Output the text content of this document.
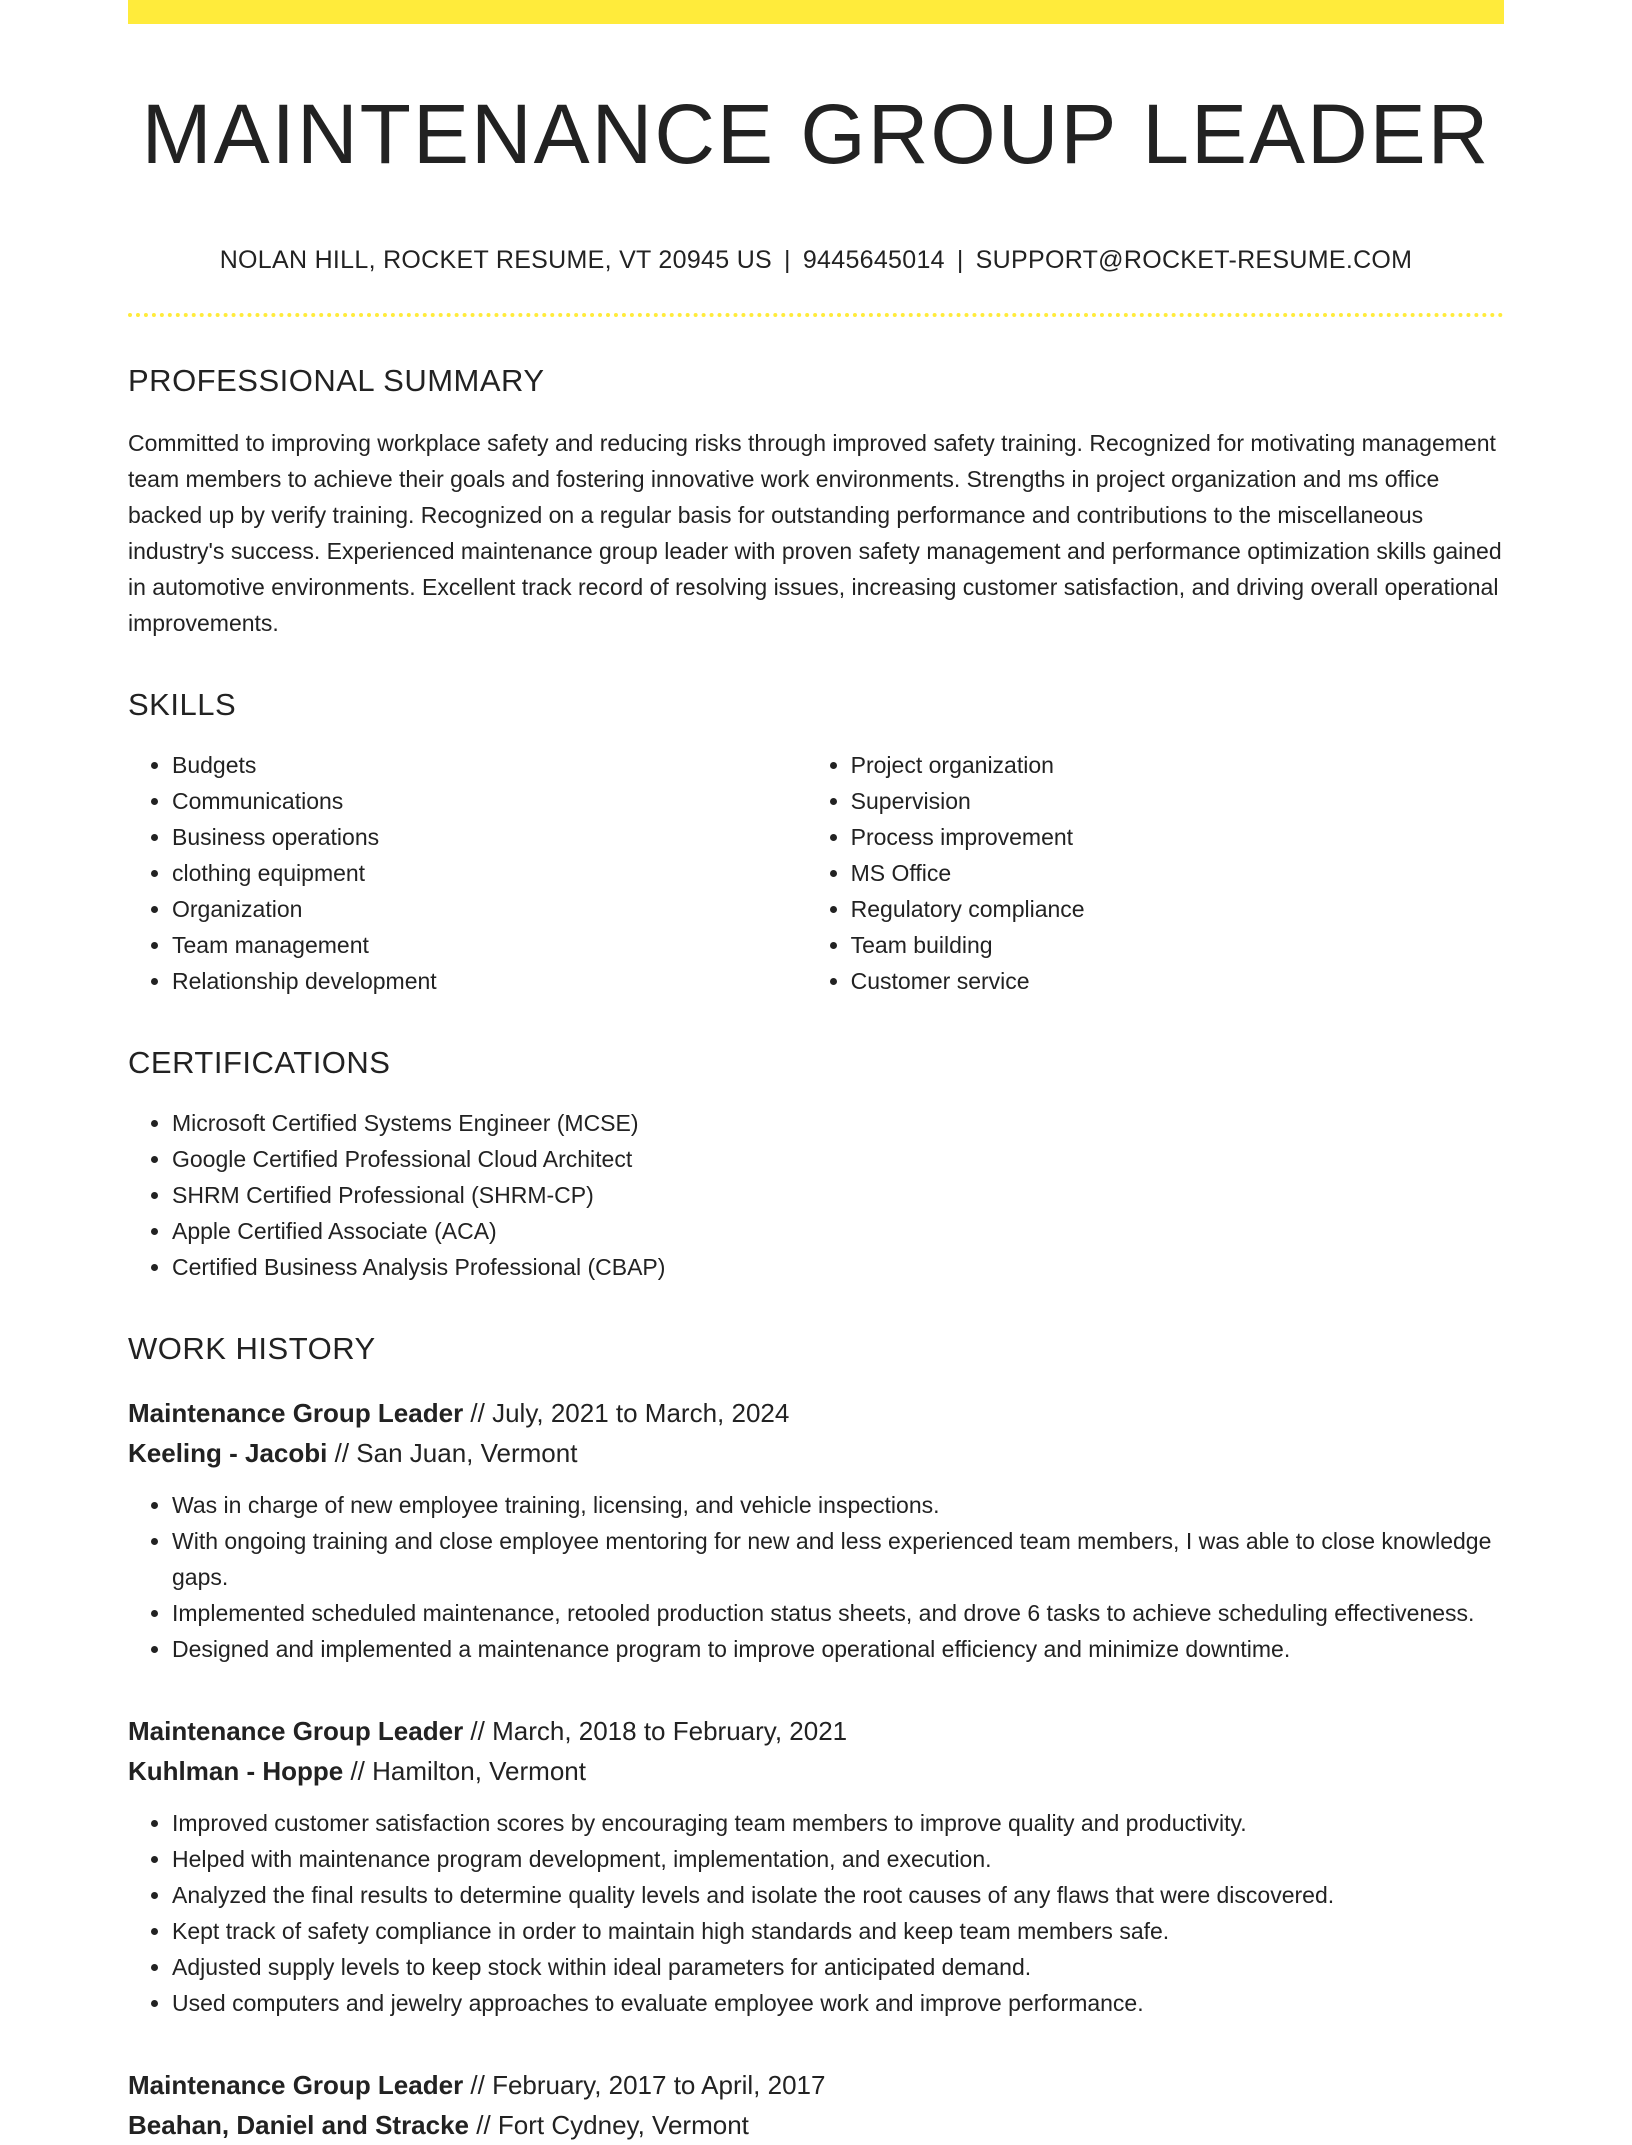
MAINTENANCE GROUP LEADER
NOLAN HILL, ROCKET RESUME, VT 20945 US | 9445645014 | SUPPORT@ROCKET-RESUME.COM
PROFESSIONAL SUMMARY
Committed to improving workplace safety and reducing risks through improved safety training. Recognized for motivating management team members to achieve their goals and fostering innovative work environments. Strengths in project organization and ms office backed up by verify training. Recognized on a regular basis for outstanding performance and contributions to the miscellaneous industry's success. Experienced maintenance group leader with proven safety management and performance optimization skills gained in automotive environments. Excellent track record of resolving issues, increasing customer satisfaction, and driving overall operational improvements.
SKILLS
• Budgets
• Communications
• Business operations
• clothing equipment
• Organization
• Team management
• Relationship development
• Project organization
• Supervision
• Process improvement
• MS Office
• Regulatory compliance
• Team building
• Customer service
CERTIFICATIONS
• Microsoft Certified Systems Engineer (MCSE)
• Google Certified Professional Cloud Architect
• SHRM Certified Professional (SHRM-CP)
• Apple Certified Associate (ACA)
• Certified Business Analysis Professional (CBAP)
WORK HISTORY
Maintenance Group Leader // July, 2021 to March, 2024
Keeling - Jacobi // San Juan, Vermont
• Was in charge of new employee training, licensing, and vehicle inspections.
• With ongoing training and close employee mentoring for new and less experienced team members, I was able to close knowledge gaps.
• Implemented scheduled maintenance, retooled production status sheets, and drove 6 tasks to achieve scheduling effectiveness.
• Designed and implemented a maintenance program to improve operational efficiency and minimize downtime.
Maintenance Group Leader // March, 2018 to February, 2021
Kuhlman - Hoppe // Hamilton, Vermont
• Improved customer satisfaction scores by encouraging team members to improve quality and productivity.
• Helped with maintenance program development, implementation, and execution.
• Analyzed the final results to determine quality levels and isolate the root causes of any flaws that were discovered.
• Kept track of safety compliance in order to maintain high standards and keep team members safe.
• Adjusted supply levels to keep stock within ideal parameters for anticipated demand.
• Used computers and jewelry approaches to evaluate employee work and improve performance.
Maintenance Group Leader // February, 2017 to April, 2017
Beahan, Daniel and Stracke // Fort Cydney, Vermont
